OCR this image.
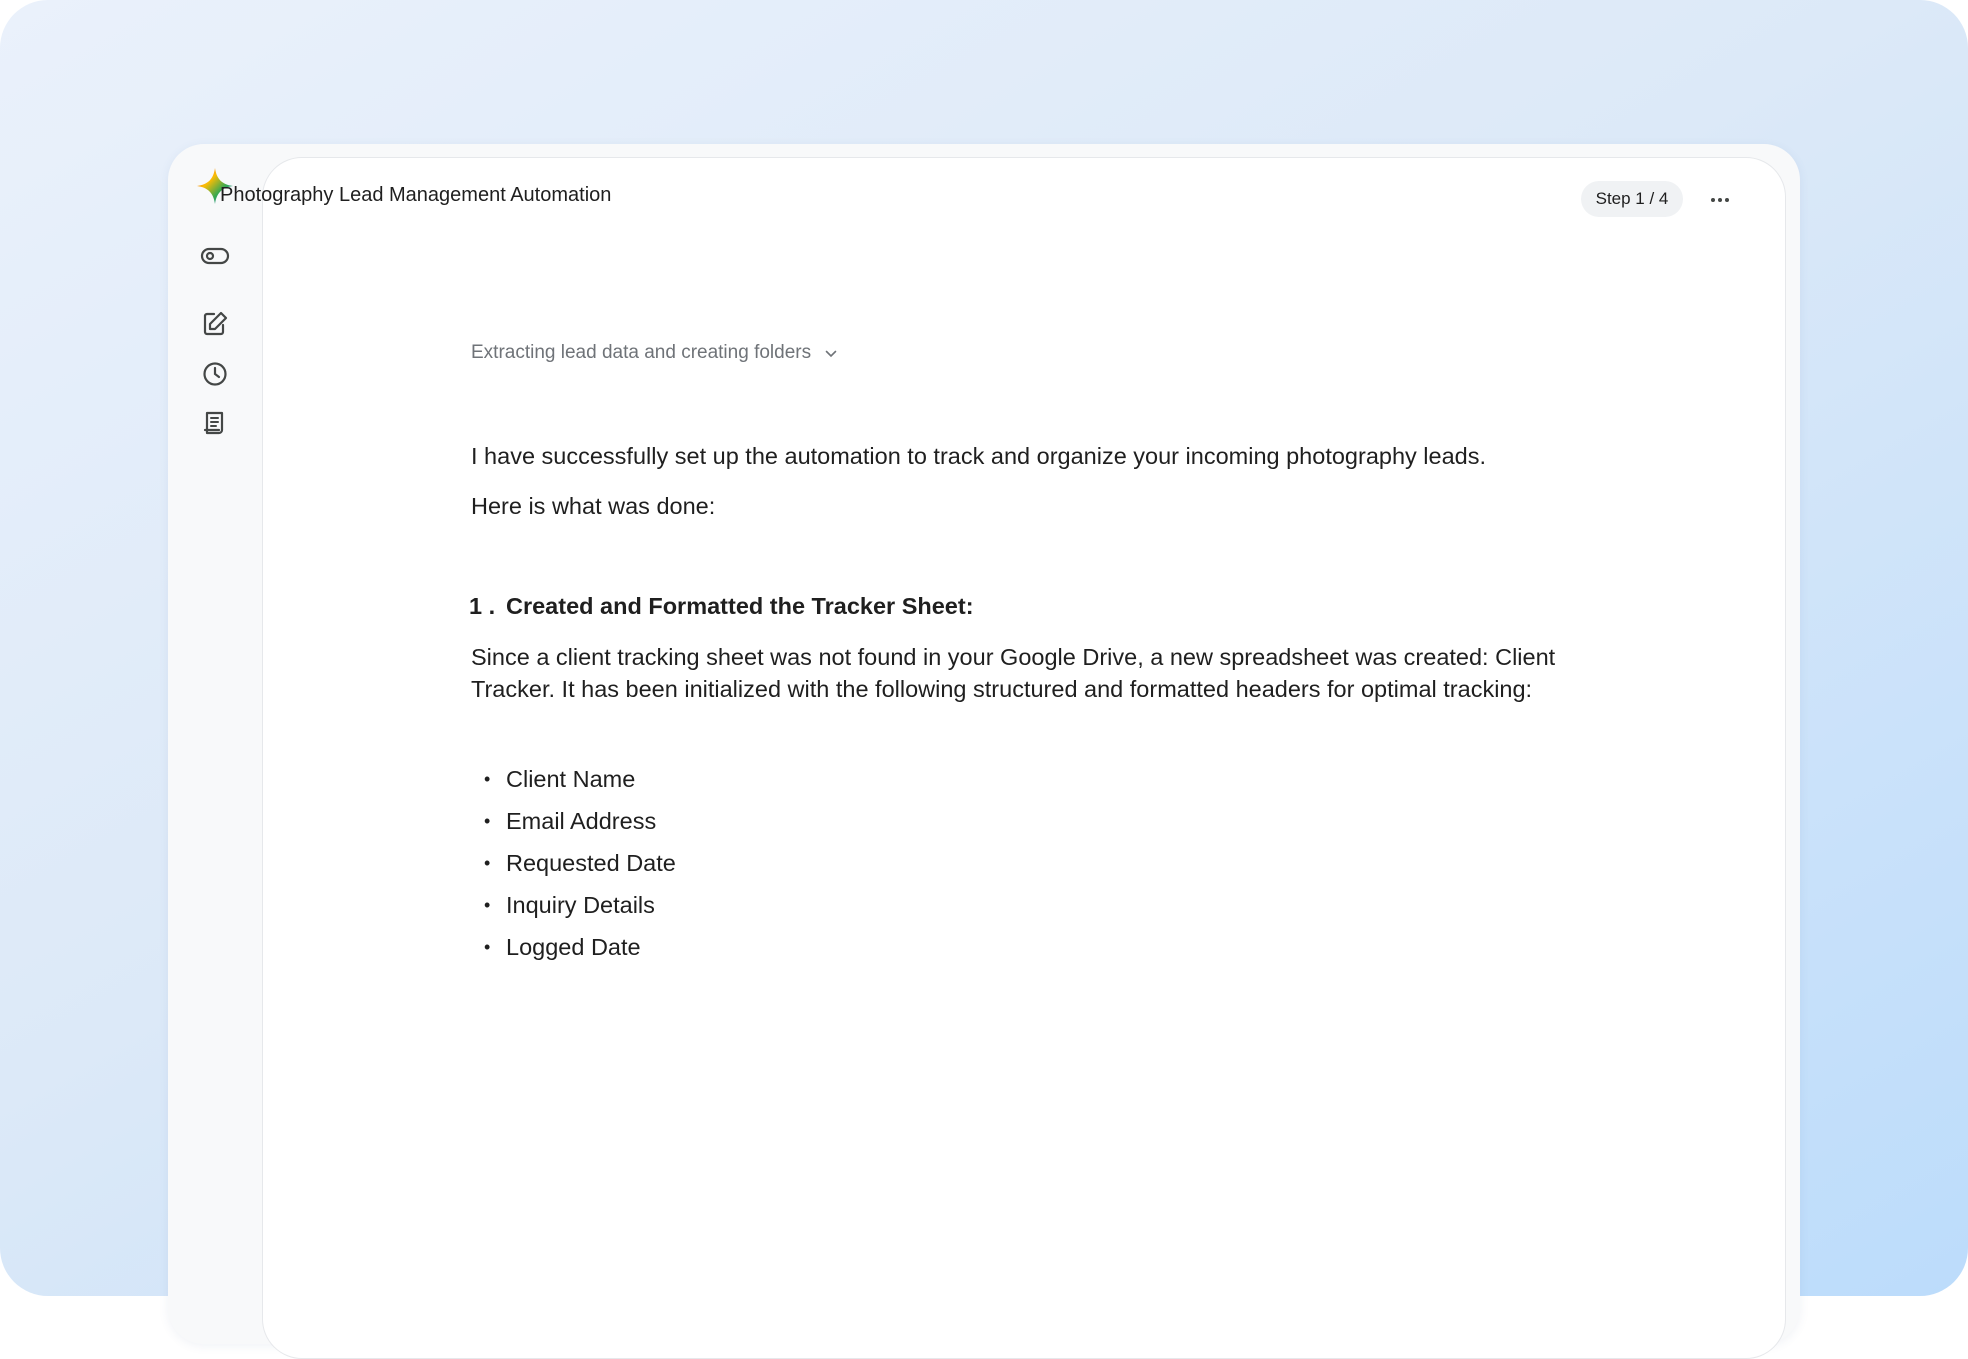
Photography Lead Management Automation	Step 1 / 4
Extracting lead data and creating folders
I have successfully set up the automation to track and organize your incoming photography leads.
Here is what was done:
1 . Created and Formatted the Tracker Sheet:
Since a client tracking sheet was not found in your Google Drive, a new spreadsheet was created: Client Tracker. It has been initialized with the following structured and formatted headers for optimal tracking:
• Client Name
• Email Address
• Requested Date
• Inquiry Details
• Logged Date
